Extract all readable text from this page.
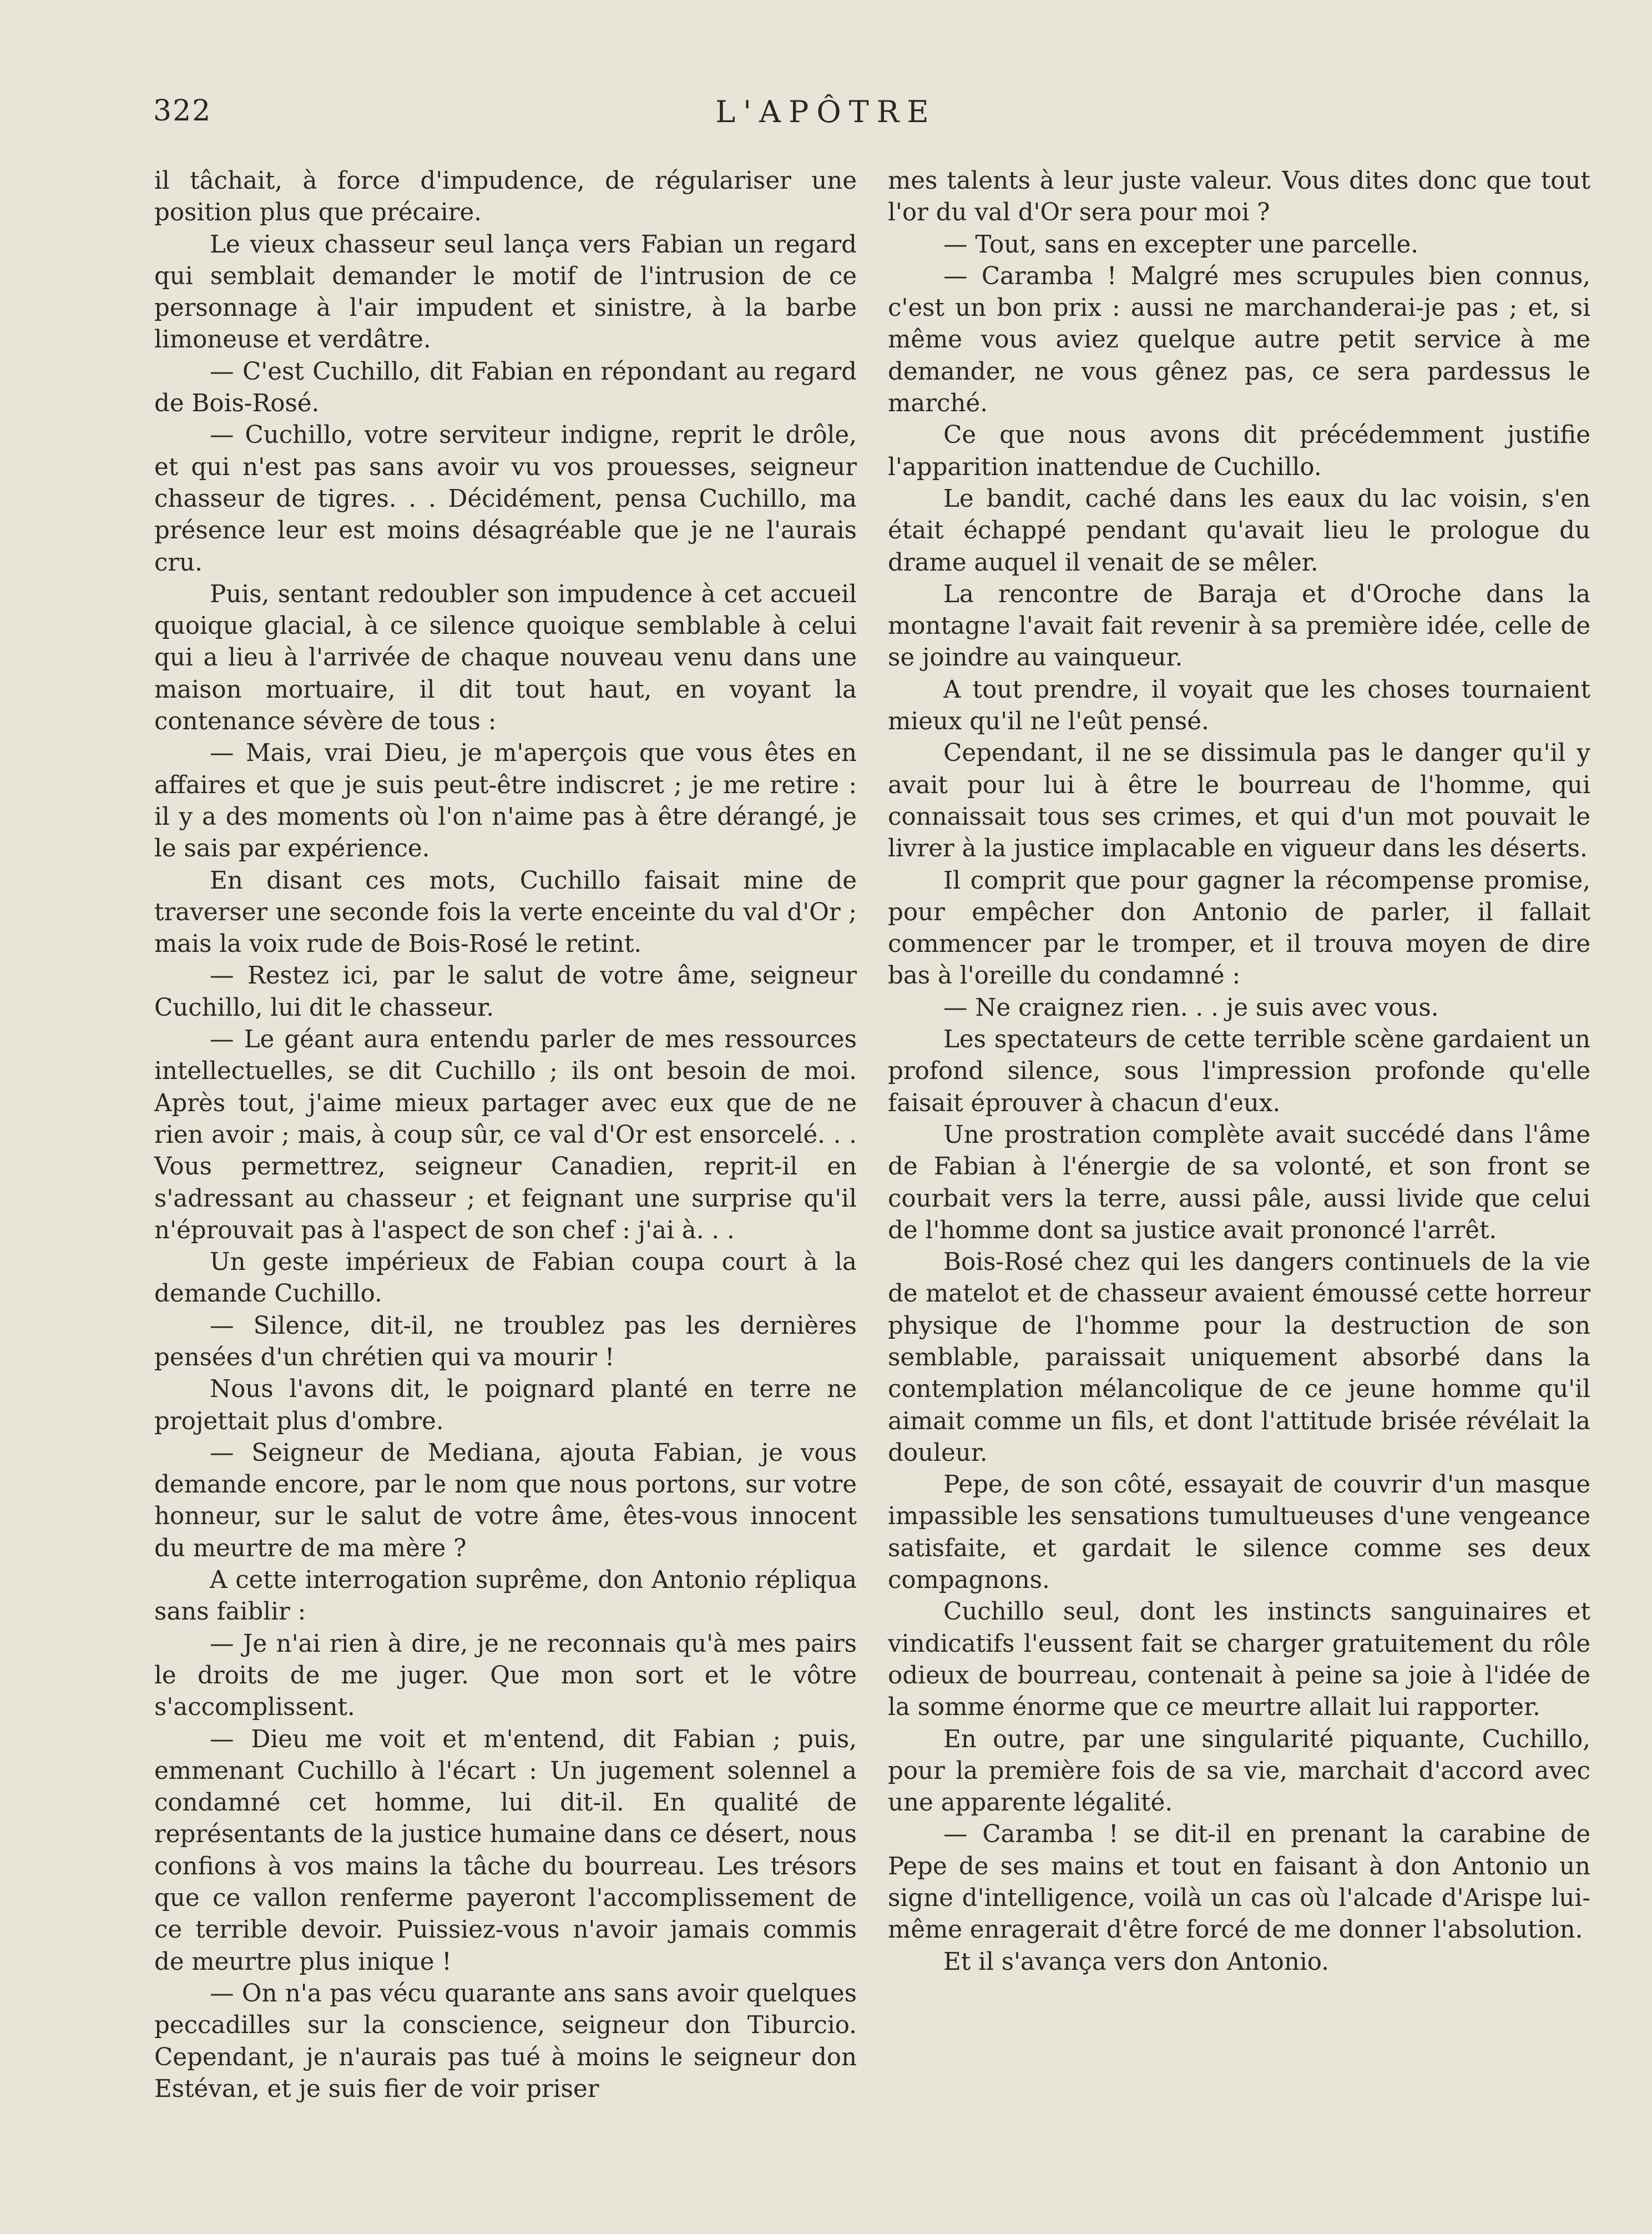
322	L'APÔTRE

il tâchait, à force d'impudence, de régulariser une position plus que précaire.

Le vieux chasseur seul lança vers Fabian un regard qui semblait demander le motif de l'intrusion de ce personnage à l'air impudent et sinistre, à la barbe limoneuse et verdâtre.

— C'est Cuchillo, dit Fabian en répondant au regard de Bois-Rosé.

— Cuchillo, votre serviteur indigne, reprit le drôle, et qui n'est pas sans avoir vu vos prouesses, seigneur chasseur de tigres. . . Décidément, pensa Cuchillo, ma présence leur est moins désagréable que je ne l'aurais cru.

Puis, sentant redoubler son impudence à cet accueil quoique glacial, à ce silence quoique semblable à celui qui a lieu à l'arrivée de chaque nouveau venu dans une maison mortuaire, il dit tout haut, en voyant la contenance sévère de tous :

— Mais, vrai Dieu, je m'aperçois que vous êtes en affaires et que je suis peut-être indiscret ; je me retire : il y a des moments où l'on n'aime pas à être dérangé, je le sais par expérience.

En disant ces mots, Cuchillo faisait mine de traverser une seconde fois la verte enceinte du val d'Or ; mais la voix rude de Bois-Rosé le retint.

— Restez ici, par le salut de votre âme, seigneur Cuchillo, lui dit le chasseur.

— Le géant aura entendu parler de mes ressources intellectuelles, se dit Cuchillo ; ils ont besoin de moi. Après tout, j'aime mieux partager avec eux que de ne rien avoir ; mais, à coup sûr, ce val d'Or est ensorcelé. . . Vous permettrez, seigneur Canadien, reprit-il en s'adressant au chasseur ; et feignant une surprise qu'il n'éprouvait pas à l'aspect de son chef : j'ai à. . .

Un geste impérieux de Fabian coupa court à la demande Cuchillo.

— Silence, dit-il, ne troublez pas les dernières pensées d'un chrétien qui va mourir !

Nous l'avons dit, le poignard planté en terre ne projettait plus d'ombre.

— Seigneur de Mediana, ajouta Fabian, je vous demande encore, par le nom que nous portons, sur votre honneur, sur le salut de votre âme, êtes-vous innocent du meurtre de ma mère ?

A cette interrogation suprême, don Antonio répliqua sans faiblir :

— Je n'ai rien à dire, je ne reconnais qu'à mes pairs le droits de me juger. Que mon sort et le vôtre s'accomplissent.

— Dieu me voit et m'entend, dit Fabian ; puis, emmenant Cuchillo à l'écart : Un jugement solennel a condamné cet homme, lui dit-il. En qualité de représentants de la justice humaine dans ce désert, nous confions à vos mains la tâche du bourreau. Les trésors que ce vallon renferme payeront l'accomplissement de ce terrible devoir. Puissiez-vous n'avoir jamais commis de meurtre plus inique !

— On n'a pas vécu quarante ans sans avoir quelques peccadilles sur la conscience, seigneur don Tiburcio. Cependant, je n'aurais pas tué à moins le seigneur don Estévan, et je suis fier de voir priser

mes talents à leur juste valeur. Vous dites donc que tout l'or du val d'Or sera pour moi ?

— Tout, sans en excepter une parcelle.

— Caramba ! Malgré mes scrupules bien connus, c'est un bon prix : aussi ne marchanderai-je pas ; et, si même vous aviez quelque autre petit service à me demander, ne vous gênez pas, ce sera pardessus le marché.

Ce que nous avons dit précédemment justifie l'apparition inattendue de Cuchillo.

Le bandit, caché dans les eaux du lac voisin, s'en était échappé pendant qu'avait lieu le prologue du drame auquel il venait de se mêler.

La rencontre de Baraja et d'Oroche dans la montagne l'avait fait revenir à sa première idée, celle de se joindre au vainqueur.

A tout prendre, il voyait que les choses tournaient mieux qu'il ne l'eût pensé.

Cependant, il ne se dissimula pas le danger qu'il y avait pour lui à être le bourreau de l'homme, qui connaissait tous ses crimes, et qui d'un mot pouvait le livrer à la justice implacable en vigueur dans les déserts.

Il comprit que pour gagner la récompense promise, pour empêcher don Antonio de parler, il fallait commencer par le tromper, et il trouva moyen de dire bas à l'oreille du condamné :

— Ne craignez rien. . . je suis avec vous.

Les spectateurs de cette terrible scène gardaient un profond silence, sous l'impression profonde qu'elle faisait éprouver à chacun d'eux.

Une prostration complète avait succédé dans l'âme de Fabian à l'énergie de sa volonté, et son front se courbait vers la terre, aussi pâle, aussi livide que celui de l'homme dont sa justice avait prononcé l'arrêt.

Bois-Rosé chez qui les dangers continuels de la vie de matelot et de chasseur avaient émoussé cette horreur physique de l'homme pour la destruction de son semblable, paraissait uniquement absorbé dans la contemplation mélancolique de ce jeune homme qu'il aimait comme un fils, et dont l'attitude brisée révélait la douleur.

Pepe, de son côté, essayait de couvrir d'un masque impassible les sensations tumultueuses d'une vengeance satisfaite, et gardait le silence comme ses deux compagnons.

Cuchillo seul, dont les instincts sanguinaires et vindicatifs l'eussent fait se charger gratuitement du rôle odieux de bourreau, contenait à peine sa joie à l'idée de la somme énorme que ce meurtre allait lui rapporter.

En outre, par une singularité piquante, Cuchillo, pour la première fois de sa vie, marchait d'accord avec une apparente légalité.

— Caramba ! se dit-il en prenant la carabine de Pepe de ses mains et tout en faisant à don Antonio un signe d'intelligence, voilà un cas où l'alcade d'Arispe lui-même enragerait d'être forcé de me donner l'absolution.

Et il s'avança vers don Antonio.
